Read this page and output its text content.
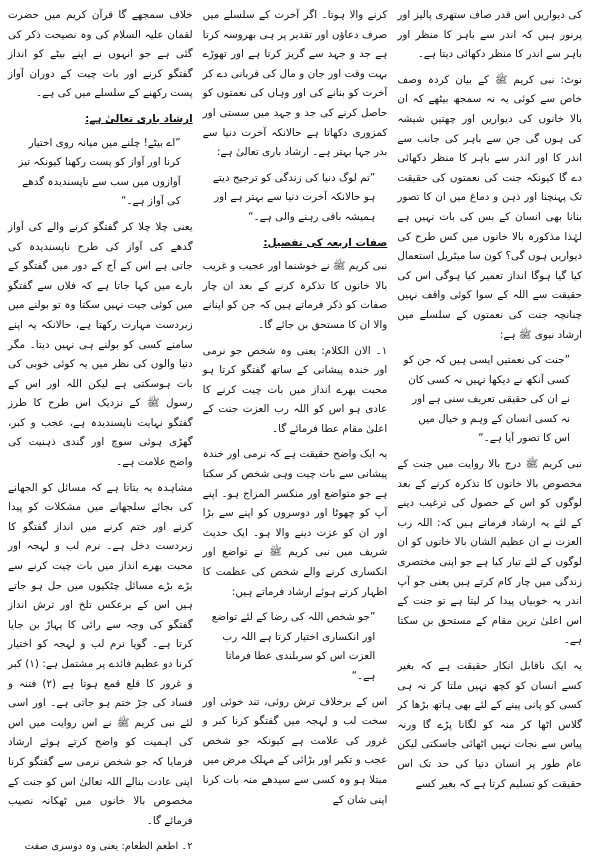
کی دیواریں اس قدر صاف ستھری پالیز اور پرنور ہیں کہ اندر سے باہر کا منظر اور باہر سے اندر کا منظر دکھائی دیتا ہے۔

نوٹ: نبی کریم ﷺ کے بیان کردہ وصف خاص سے کوئی یہ نہ سمجھ بیٹھے کہ ان بالا خانوں کی دیواریں اور چھتیں شیشہ کی ہوں گی جن سے باہر کی جانب سے اندر کا اور اندر سے باہر کا منظر دکھائی دے گا کیونکہ جنت کی نعمتوں کی حقیقت تک پہنچنا اور ذہن و دماغ میں ان کا تصور بنانا بھی انسان کے بس کی بات نہیں ہے لہٰذا مذکورہ بالا خانوں میں کس طرح کی دیواریں ہوں گی؟ کون سا میٹریل استعمال کیا گیا ہوگا انداز تعمیر کیا ہوگی اس کی حقیقت سے اللہ کے سوا کوئی واقف نہیں چنانچہ جنت کی نعمتوں کے سلسلے میں ارشاد نبوی ﷺ ہے:

”جنت کی نعمتیں ایسی ہیں کہ جن کو کسی آنکھ نے دیکھا نہیں نہ کسی کان نے ان کی حقیقی تعریف سنی ہے اور نہ کسی انسان کے وہم و خیال میں اس کا تصور آیا ہے۔“

نبی کریم ﷺ درج بالا روایت میں جنت کے مخصوص بالا خانوں کا تذکرہ کرنے کے بعد لوگوں کو اس کے حصول کی ترغیب دینے کے لئے یہ ارشاد فرماتے ہیں کہ: اللہ رب العزت نے ان عظیم الشان بالا خانوں کو ان لوگوں کے لئے تیار کیا ہے جو اپنی مختصری زندگی میں چار کام کرتے ہیں یعنی جو آپ اندر یہ خوبیاں پیدا کر لیتا ہے تو جنت کے اس اعلیٰ ترین مقام کے مستحق بن سکتا ہے۔

یہ ایک ناقابل انکار حقیقت ہے کہ بغیر کسے انسان کو کچھ نہیں ملتا کر نہ ہی کسی کو پانی پینے کے لئے بھی ہاتھ بڑھا کر گلاس اٹھا کر منہ کو لگانا پڑے گا ورنہ پیاس سے نجات نہیں اٹھائی جاسکتی لیکن عام طور پر انسان دنیا کی حد تک اس حقیقت کو تسلیم کرتا ہے کہ بغیر کسے

کرنے والا ہوتا۔ اگر آخرت کے سلسلے میں صرف دعاؤں اور تقدیر پر ہی بھروسہ کرتا ہے جد و جہد سے گریز کرتا ہے اور تھوڑے بہت وقت اور جان و مال کی قربانی دے کر آخرت کو بنانے کی اور وہاں کی نعمتوں کو حاصل کرنے کی جد و جہد میں سستی اور کمزوری دکھاتا ہے حالانکہ آخرت دنیا سے بدر جہا بہتر ہے۔ ارشاد باری تعالیٰ ہے:

”تم لوگ دنیا کی زندگی کو ترجیح دیتے ہو حالانکہ آخرت دنیا سے بہتر ہے اور ہمیشہ باقی رہنے والی ہے۔“

صفات اربعہ کی تفصیل:

نبی کریم ﷺ نے خوشنما اور عجیب و غریب بالا خانوں کا تذکرہ کرنے کے بعد ان چار صفات کو ذکر فرماتے ہیں کہ جن کو اپنانے والا ان کا مستحق بن جائے گا۔

۱۔ الان الکلام: یعنی وہ شخص جو نرمی اور خندہ پیشانی کے ساتھ گفتگو کرتا ہو محبت بھرے انداز میں بات چیت کرنے کا عادی ہو اس کو اللہ رب العزت جنت کے اعلیٰ مقام عطا فرمائے گا۔

یہ ایک واضح حقیقت ہے کہ نرمی اور خندہ پیشانی سے بات چیت وہی شخص کر سکتا ہے جو متواضع اور منکسر المزاج ہو۔ اپنے آپ کو چھوٹا اور دوسروں کو اپنے سے بڑا اور ان کو عزت دینے والا ہو۔ ایک حدیث شریف میں نبی کریم ﷺ نے تواضع اور انکساری کرنے والے شخص کی عظمت کا اظہار کرتے ہوئے ارشاد فرماتے ہیں:

”جو شخص اللہ کی رضا کے لئے تواضع اور انکساری اختیار کرتا ہے اللہ رب العزت اس کو سربلندی عطا فرماتا ہے۔“

اس کے برخلاف ترش روئی، تند خوئی اور سخت لب و لہجہ میں گفتگو کرنا کبر و غرور کی علامت ہے کیونکہ جو شخص عجب و تکبر اور بڑائی کے مہلک مرض میں مبتلا ہو وہ کسی سے سیدھے منہ بات کرنا اپنی شان کے

خلاف سمجھے گا قرآن کریم میں حضرت لقمان علیہ السلام کی وہ نصیحت ذکر کی گئی ہے جو انہوں نے اپنے بیٹے کو انداز گفتگو کرنے اور بات چیت کے دوران آواز پست رکھنے کے سلسلے میں کی ہے۔

ارشاد باری تعالیٰ ہے:

”اے بیٹے! چلنے میں میانہ روی اختیار کرنا اور آواز کو پست رکھنا کیونکہ تیز آوازوں میں سب سے ناپسندیدہ گدھے کی آواز ہے۔“

یعنی چلا چلا کر گفتگو کرنے والے کی آواز گدھے کی آواز کی طرح ناپسندیدہ کی جاتی ہے اس کے آج کے دور میں گفتگو کے بارے میں کہا جاتا ہے کہ فلاں سے گفتگو میں کوئی جیت نہیں سکتا وہ تو بولنے میں زبردست مہارت رکھتا ہے، حالانکہ یہ اپنے سامنے کسی کو بولنے ہی نہیں دیتا۔ مگر دنیا والوں کی نظر میں یہ کوئی خوبی کی بات ہوسکتی ہے لیکن اللہ اور اس کے رسول ﷺ کے نزدیک اس طرح کا طرز گفتگو نہایت ناپسندیدہ ہے، عجب و کبر، گھڑی ہوئی سوچ اور گندی ذہنیت کی واضح علامت ہے۔

مشاہدہ یہ بتاتا ہے کہ مسائل کو الجھانے کی بجائے سلجھانے میں مشکلات کو پیدا کرنے اور ختم کرنے میں انداز گفتگو کا زبردست دخل ہے۔ نرم لب و لہجہ اور محبت بھرے انداز میں بات چیت کرنے سے بڑے بڑے مسائل چٹکیوں میں حل ہو جاتے ہیں اس کے برعکس تلخ اور ترش انداز گفتگو کی وجہ سے رائی کا پہاڑ بن جایا کرتا ہے۔ گویا نرم لب و لہجہ کو اختیار کرنا دو عظیم فائدے پر مشتمل ہے: (۱) کبر و غرور کا قلع قمع ہوتا ہے (۲) فتنہ و فساد کی جڑ ختم ہو جاتی ہے۔ اور اسی لئے نبی کریم ﷺ نے اس روایت میں اس کی اہمیت کو واضح کرتے ہوئے ارشاد فرمایا کہ جو شخص نرمی سے گفتگو کرنا اپنی عادت بنالے اللہ تعالیٰ اس کو جنت کے مخصوص بالا خانوں میں ٹھکانہ نصیب فرمائے گا۔

۲۔ اطعم الطعام: یعنی وہ دوسری صفت
